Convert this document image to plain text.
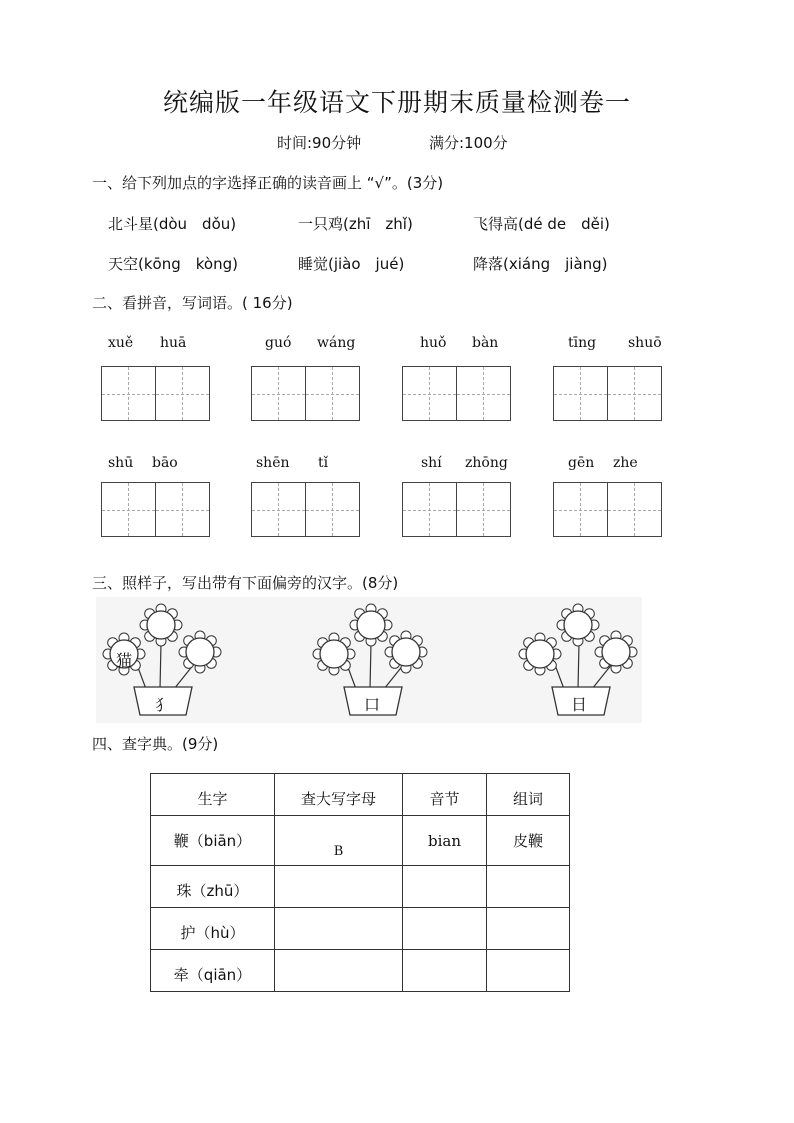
统编版一年级语文下册期末质量检测卷一
时间:90分钟	满分:100分
一、给下列加点的字选择正确的读音画上 “√”。(3分)
北斗星(dòu　dǒu)	一只鸡(zhī　zhǐ)	飞得高(dé de　děi)
天空(kōng　kòng)	睡觉(jiào　jué)	降落(xiáng　jiàng)
二、看拼音，写词语。( 16分)
xuě huā	guó wáng	huǒ bàn	tīng shuō
shū bāo	shēn tǐ	shí zhōng	gēn zhe
三、照样子，写出带有下面偏旁的汉字。(8分)
猫
犭	口	日
四、查字典。(9分)
生字	查大写字母	音节	组词
鞭（biān）	B	bian	皮鞭
珠（zhū）			
护（hù）			
牵（qiān）			
